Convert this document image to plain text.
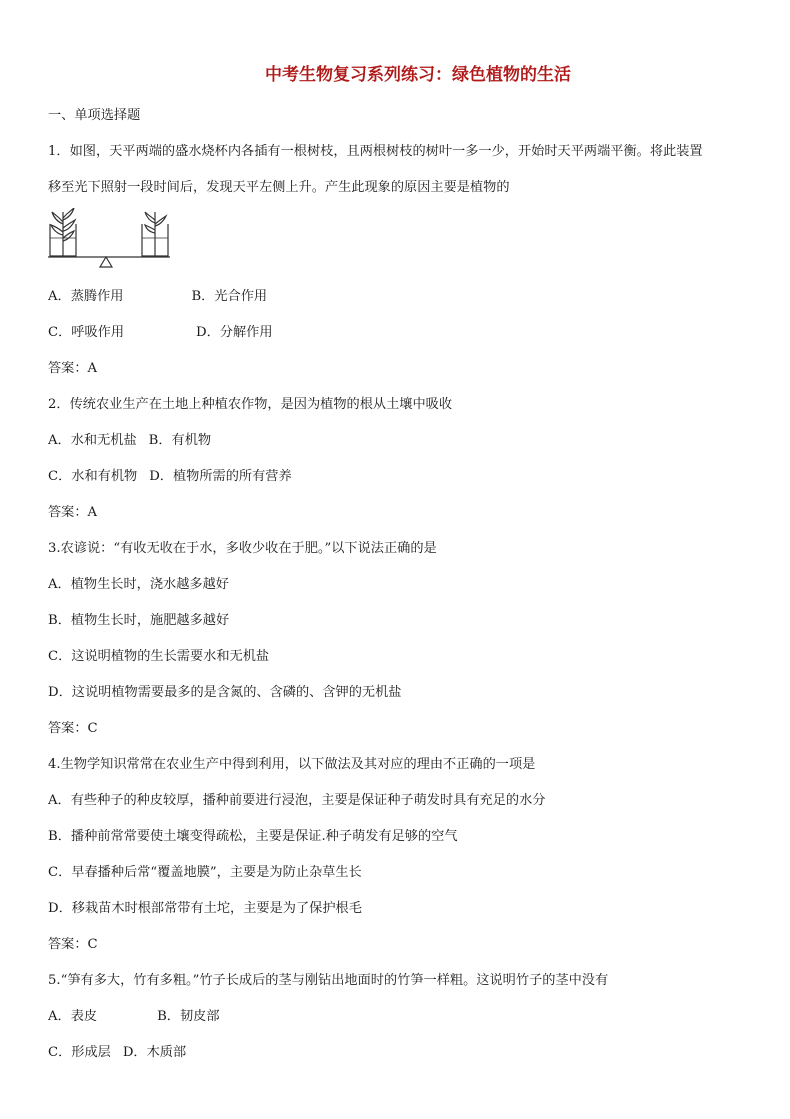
中考生物复习系列练习：绿色植物的生活
一、单项选择题
1．如图，天平两端的盛水烧杯内各插有一根树枝，且两根树枝的树叶一多一少，开始时天平两端平衡。将此装置
移至光下照射一段时间后，发现天平左侧上升。产生此现象的原因主要是植物的
A．蒸腾作用	B．光合作用
C．呼吸作用	D．分解作用
答案：A
2．传统农业生产在土地上种植农作物，是因为植物的根从土壤中吸收
A．水和无机盐 B．有机物
C．水和有机物 D．植物所需的所有营养
答案：A
3.农谚说：“有收无收在于水，多收少收在于肥。”以下说法正确的是
A．植物生长时，浇水越多越好
B．植物生长时，施肥越多越好
C．这说明植物的生长需要水和无机盐
D．这说明植物需要最多的是含氮的、含磷的、含钾的无机盐
答案：C
4.生物学知识常常在农业生产中得到利用，以下做法及其对应的理由不正确的一项是
A．有些种子的种皮较厚，播种前要进行浸泡，主要是保证种子萌发时具有充足的水分
B．播种前常常要使土壤变得疏松，主要是保证.种子萌发有足够的空气
C．早春播种后常“覆盖地膜”，主要是为防止杂草生长
D．移栽苗木时根部常带有土坨，主要是为了保护根毛
答案：C
5.“笋有多大，竹有多粗。”竹子长成后的茎与刚钻出地面时的竹笋一样粗。这说明竹子的茎中没有
A．表皮	B．韧皮部
C．形成层 D．木质部
